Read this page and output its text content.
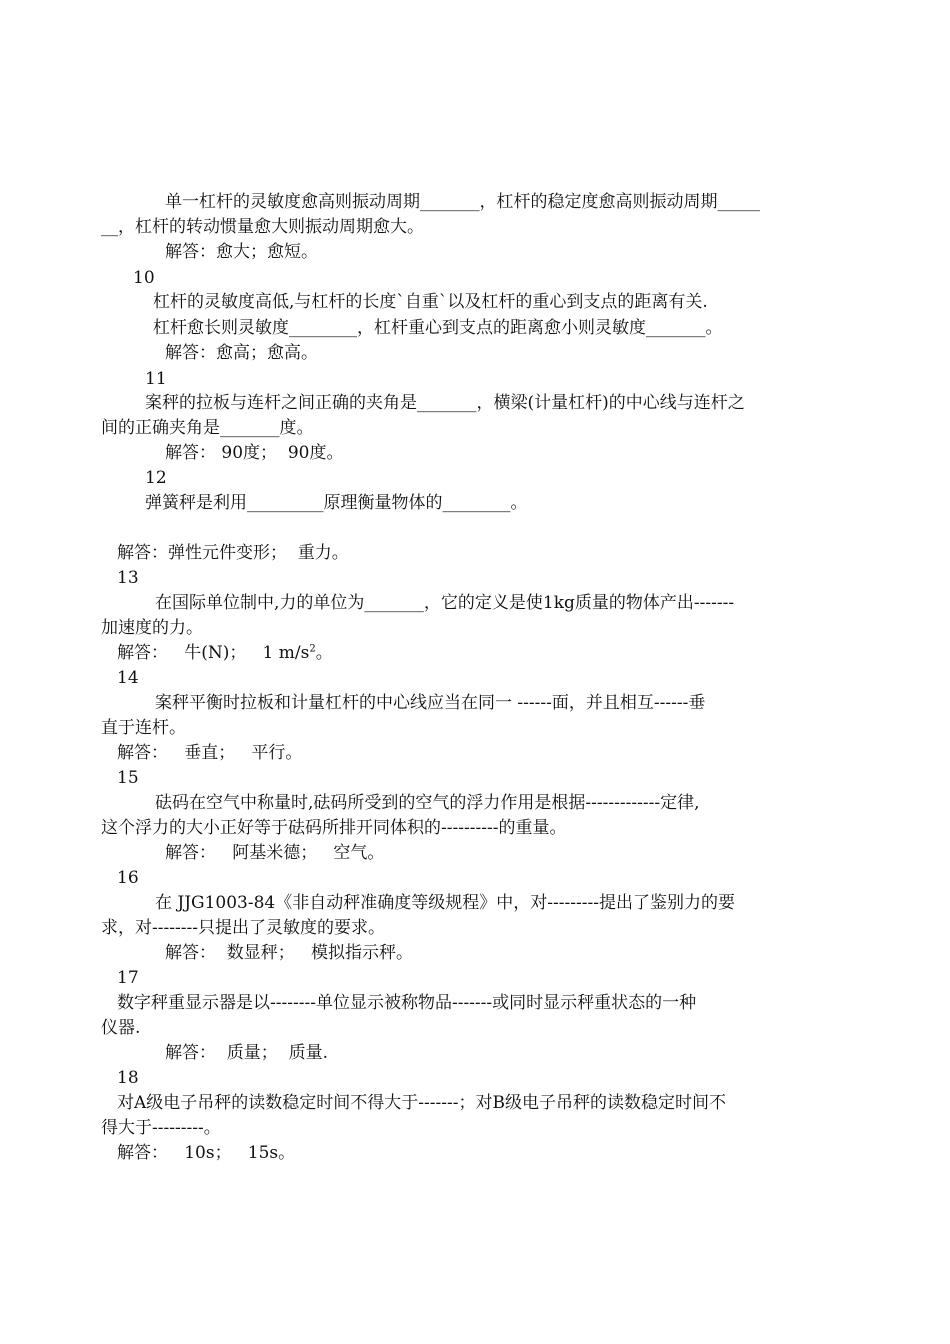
单一杠杆的灵敏度愈高则振动周期_______，杠杆的稳定度愈高则振动周期_____
__，杠杆的转动惯量愈大则振动周期愈大。
解答：愈大；愈短。
10
杠杆的灵敏度高低,与杠杆的长度`自重`以及杠杆的重心到支点的距离有关.
杠杆愈长则灵敏度________，杠杆重心到支点的距离愈小则灵敏度_______。
解答：愈高；愈高。
11
案秤的拉板与连杆之间正确的夹角是_______，横梁(计量杠杆)的中心线与连杆之
间的正确夹角是_______度。
解答： 90度；  90度。
12
弹簧秤是利用_________原理衡量物体的________。
解答：弹性元件变形；  重力。
13
在国际单位制中,力的单位为_______，它的定义是使1kg质量的物体产出-------
加速度的力。
解答：   牛(N)；   1 $m/s^2$。
14
案秤平衡时拉板和计量杠杆的中心线应当在同一 ------面，并且相互------垂
直于连杆。
解答：   垂直；   平行。
15
砝码在空气中称量时,砝码所受到的空气的浮力作用是根据-------------定律,
这个浮力的大小正好等于砝码所排开同体积的----------的重量。
解答：   阿基米德；   空气。
16
在 JJG1003-84《非自动秤准确度等级规程》中，对---------提出了鉴别力的要
求，对--------只提出了灵敏度的要求。
解答：  数显秤；   模拟指示秤。
17
数字秤重显示器是以--------单位显示被称物品-------或同时显示秤重状态的一种
仪器.
解答：  质量；  质量.
18
对A级电子吊秤的读数稳定时间不得大于-------；对B级电子吊秤的读数稳定时间不
得大于---------。
解答：   10s；   15s。
